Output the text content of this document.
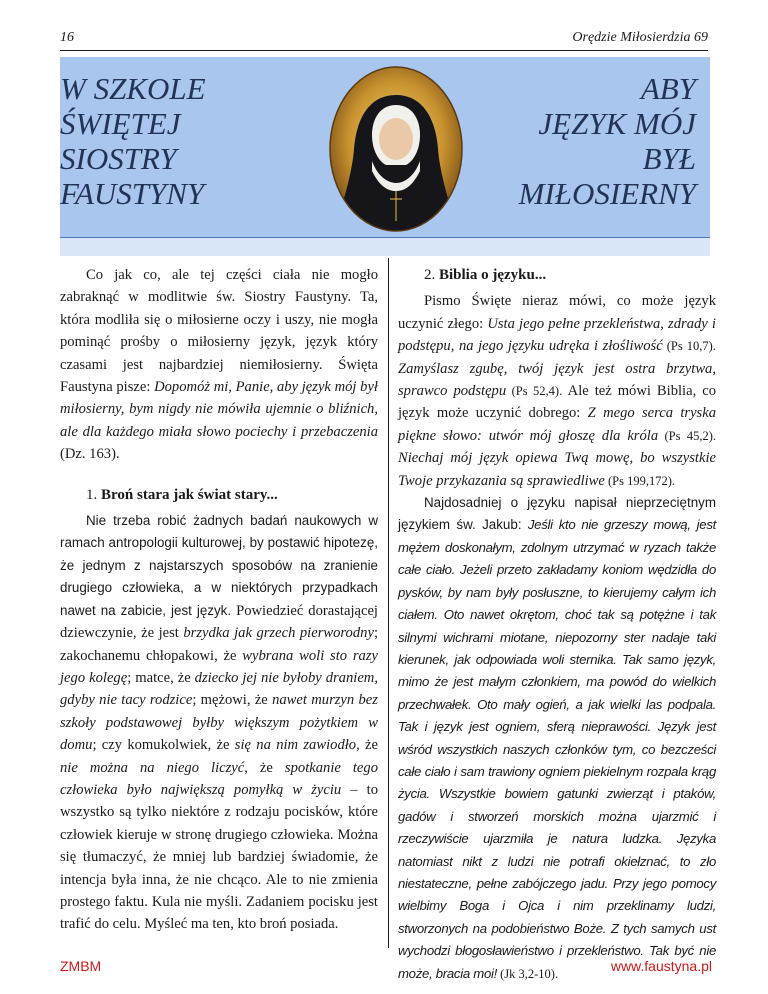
16	Orędzie Miłosierdzia 69
W SZKOLE
ŚWIĘTEJ
SIOSTRY
FAUSTYNY
ABY
JĘZYK MÓJ
BYŁ
MIŁOSIERNY

Co jak co, ale tej części ciała nie mogło zabraknąć w modlitwie św. Siostry Faustyny. Ta, która modliła się o miłosierne oczy i uszy, nie mogła pominąć prośby o miłosierny język, język który czasami jest najbardziej niemiłosierny. Święta Faustyna pisze: Dopomóż mi, Panie, aby język mój był miłosierny, bym nigdy nie mówiła ujemnie o bliźnich, ale dla każdego miała słowo pociechy i przebaczenia (Dz. 163).

1. Broń stara jak świat stary...

Nie trzeba robić żadnych badań naukowych w ramach antropologii kulturowej, by postawić hipotezę, że jednym z najstarszych sposobów na zranienie drugiego człowieka, a w niektórych przypadkach nawet na zabicie, jest język. Powiedzieć dorastającej dziewczynie, że jest brzydka jak grzech pierworodny; zakochanemu chłopakowi, że wybrana woli sto razy jego kolegę; matce, że dziecko jej nie byłoby draniem, gdyby nie tacy rodzice; mężowi, że nawet murzyn bez szkoły podstawowej byłby większym pożytkiem w domu; czy komukolwiek, że się na nim zawiodło, że nie można na niego liczyć, że spotkanie tego człowieka było największą pomyłką w życiu – to wszystko są tylko niektóre z rodzaju pocisków, które człowiek kieruje w stronę drugiego człowieka. Można się tłumaczyć, że mniej lub bardziej świadomie, że intencja była inna, że nie chcąco. Ale to nie zmienia prostego faktu. Kula nie myśli. Zadaniem pocisku jest trafić do celu. Myśleć ma ten, kto broń posiada.

2. Biblia o języku...

Pismo Święte nieraz mówi, co może język uczynić złego: Usta jego pełne przekleństwa, zdrady i podstępu, na jego języku udręka i złośliwość (Ps 10,7). Zamyślasz zgubę, twój język jest ostra brzytwa, sprawco podstępu (Ps 52,4). Ale też mówi Biblia, co język może uczynić dobrego: Z mego serca tryska piękne słowo: utwór mój głoszę dla króla (Ps 45,2). Niechaj mój język opiewa Twą mowę, bo wszystkie Twoje przykazania są sprawiedliwe (Ps 199,172).

Najdosadniej o języku napisał nieprzeciętnym językiem św. Jakub: Jeśli kto nie grzeszy mową, jest mężem doskonałym, zdolnym utrzymać w ryzach także całe ciało. Jeżeli przeto zakładamy koniom wędzidła do pysków, by nam były posłuszne, to kierujemy całym ich ciałem. Oto nawet okrętom, choć tak są potężne i tak silnymi wichrami miotane, niepozorny ster nadaje taki kierunek, jak odpowiada woli sternika. Tak samo język, mimo że jest małym członkiem, ma powód do wielkich przechwałek. Oto mały ogień, a jak wielki las podpala. Tak i język jest ogniem, sferą nieprawości. Język jest wśród wszystkich naszych członków tym, co bezcześci całe ciało i sam trawiony ogniem piekielnym rozpala krąg życia. Wszystkie bowiem gatunki zwierząt i ptaków, gadów i stworzeń morskich można ujarzmić i rzeczywiście ujarzmiła je natura ludzka. Języka natomiast nikt z ludzi nie potrafi okiełznać, to zło niestateczne, pełne zabójczego jadu. Przy jego pomocy wielbimy Boga i Ojca i nim przeklinamy ludzi, stworzonych na podobieństwo Boże. Z tych samych ust wychodzi błogosławieństwo i przekleństwo. Tak być nie może, bracia moi! (Jk 3,2-10).

ZMBM	www.faustyna.pl
